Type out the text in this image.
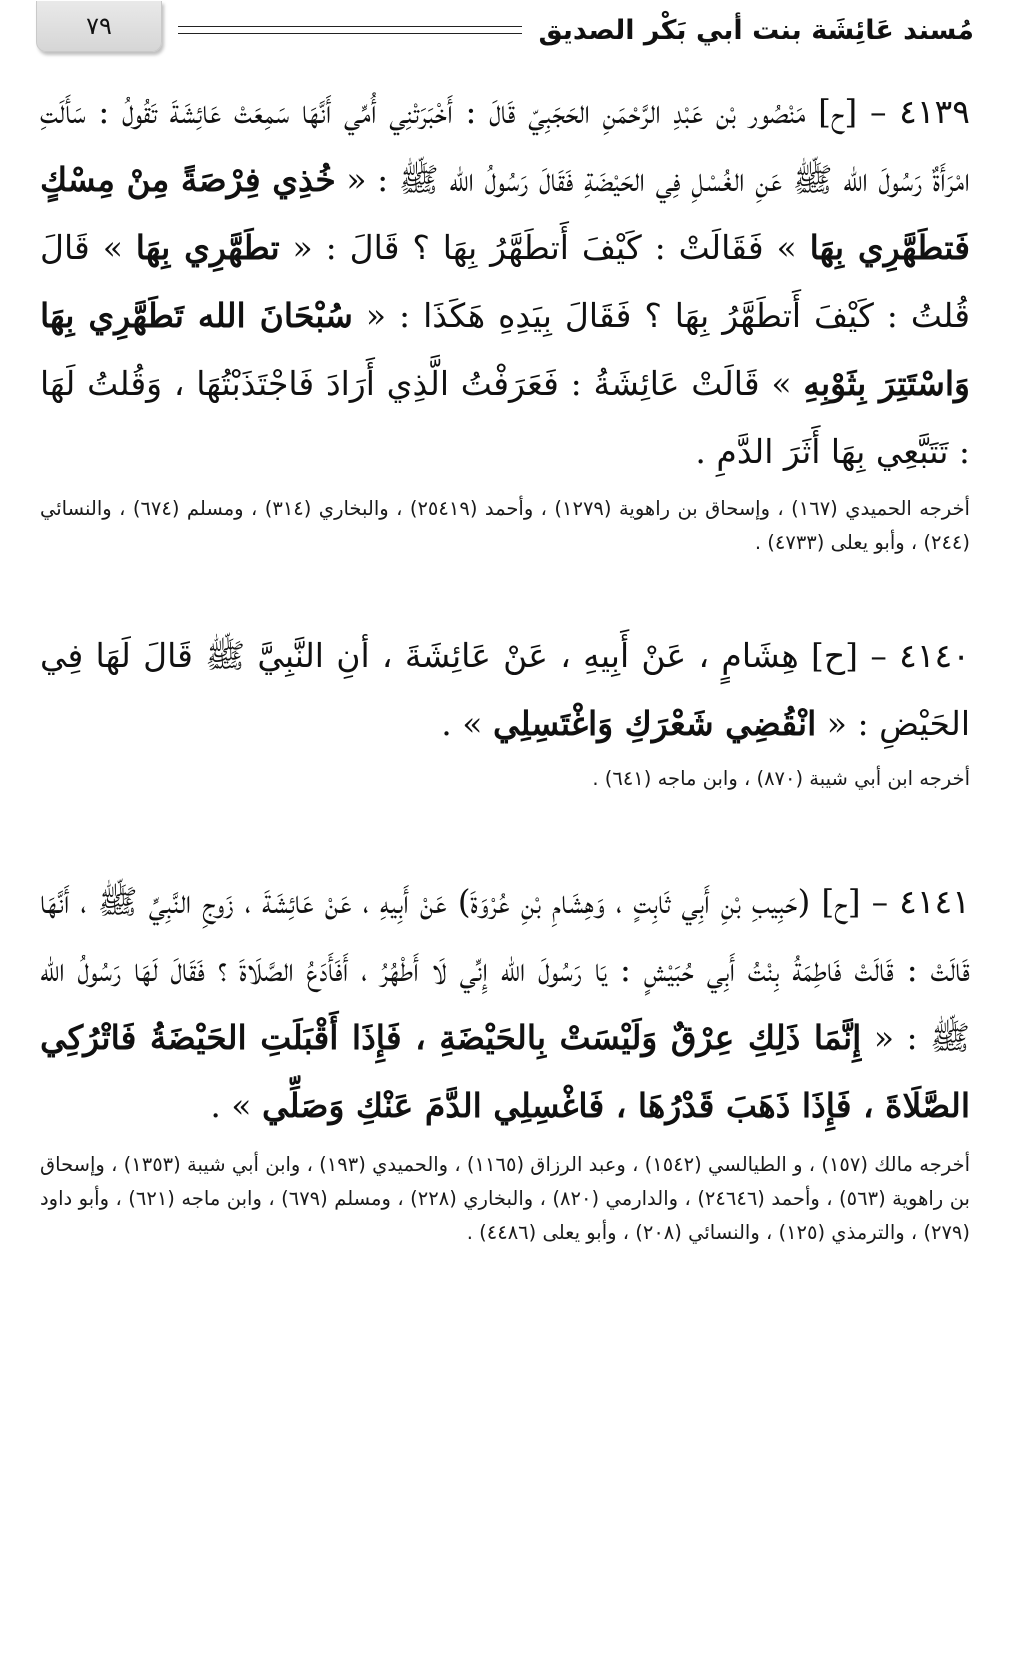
مُسند عَائِشَة بنت أبي بَكْر الصديق
٧٩

٤١٣٩ – [ح] مَنْصُور بْن عَبْدِ الرَّحْمَنِ الحَجَبِيّ قَالَ : أَخْبَرَتْنِي أُمِّي أَنَّهَا سَمِعَتْ عَائِشَةَ تَقُولُ : سَأَلَتِ امْرَأَةٌ رَسُولَ الله ﷺ عَنِ الغُسْلِ فِي الحَيْضَةِ فَقَالَ رَسُولُ الله ﷺ : « خُذِي فِرْصَةً مِنْ مِسْكٍ فَتطَهَّرِي بِهَا » فَقَالَتْ : كَيْفَ أَتطَهَّرُ بِهَا ؟ قَالَ : « تطَهَّرِي بِهَا » قَالَ قُلتُ : كَيْفَ أَتطَهَّرُ بِهَا ؟ فَقَالَ بِيَدِهِ هَكَذَا : « سُبْحَانَ الله تَطَهَّرِي بِهَا وَاسْتَتِرَ بِثَوْبِهِ » قَالَتْ عَائِشَةُ : فَعَرَفْتُ الَّذِي أَرَادَ فَاجْتَذَبْتُهَا ، وَقُلتُ لَهَا : تَتَبَّعِي بِهَا أَثَرَ الدَّمِ .

أخرجه الحميدي (١٦٧) ، وإسحاق بن راهوية (١٢٧٩) ، وأحمد (٢٥٤١٩) ، والبخاري (٣١٤) ، ومسلم (٦٧٤) ، والنسائي (٢٤٤) ، وأبو يعلى (٤٧٣٣) .

٤١٤٠ – [ح] هِشَامٍ ، عَنْ أَبِيهِ ، عَنْ عَائِشَةَ ، أنِ النَّبِيَّ ﷺ قَالَ لَهَا فِي الحَيْضِ : « انْقُضِي شَعْرَكِ وَاغْتَسِلِي » .

أخرجه ابن أبي شيبة (٨٧٠) ، وابن ماجه (٦٤١) .

٤١٤١ – [ح] (حَبِيبِ بْنِ أَبِي ثَابِتٍ ، وَهِشَامِ بْنِ عُرْوَةَ) عَنْ أَبِيهِ ، عَنْ عَائِشَةَ ، زَوجِ النَّبِيِّ ﷺ ، أَنَّهَا قَالَتْ : قَالَتْ فَاطِمَةُ بِنْتُ أَبِي حُبَيْشٍ : يَا رَسُولَ الله إِنِّي لَا أَطْهُرُ ، أَفَأَدَعُ الصَّلَاةَ ؟ فَقَالَ لَهَا رَسُولُ الله ﷺ : « إِنَّمَا ذَلِكِ عِرْقٌ وَلَيْسَتْ بِالحَيْضَةِ ، فَإِذَا أَقْبَلَتِ الحَيْضَةُ فَاتْرُكِي الصَّلَاةَ ، فَإِذَا ذَهَبَ قَدْرُهَا ، فَاغْسِلِي الدَّمَ عَنْكِ وَصَلِّي » .

أخرجه مالك (١٥٧) ، و الطيالسي (١٥٤٢) ، وعبد الرزاق (١١٦٥) ، والحميدي (١٩٣) ، وابن أبي شيبة (١٣٥٣) ، وإسحاق بن راهوية (٥٦٣) ، وأحمد (٢٤٦٤٦) ، والدارمي (٨٢٠) ، والبخاري (٢٢٨) ، ومسلم (٦٧٩) ، وابن ماجه (٦٢١) ، وأبو داود (٢٧٩) ، والترمذي (١٢٥) ، والنسائي (٢٠٨) ، وأبو يعلى (٤٤٨٦) .
